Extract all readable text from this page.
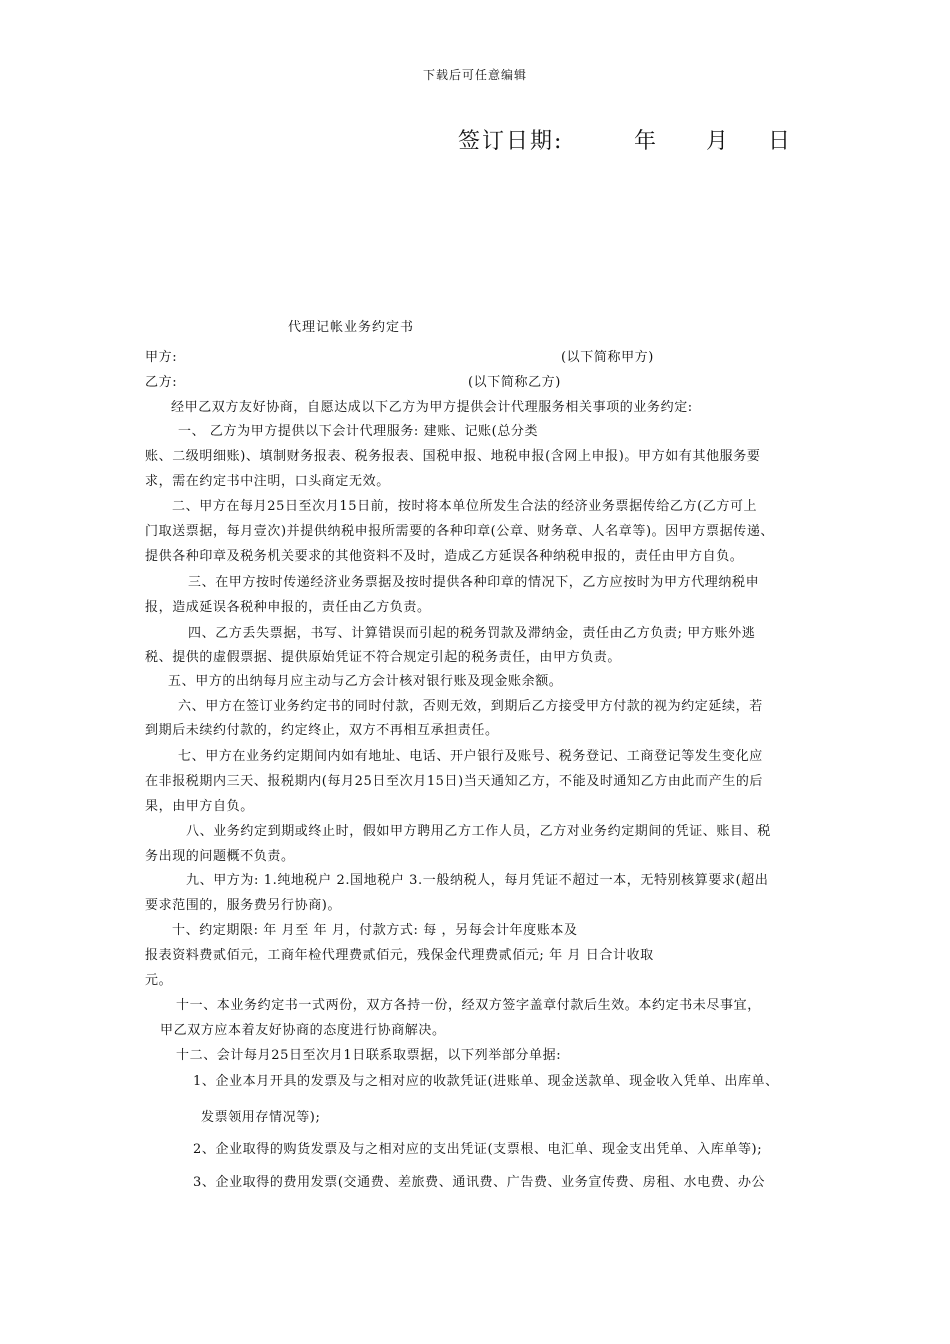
下载后可任意编辑
签订日期:	年 月 日
代理记帐业务约定书
甲方:	(以下简称甲方)
乙方:	(以下简称乙方)
经甲乙双方友好协商，自愿达成以下乙方为甲方提供会计代理服务相关事项的业务约定:
一、 乙方为甲方提供以下会计代理服务: 建账、记账(总分类
账、二级明细账)、填制财务报表、税务报表、国税申报、地税申报(含网上申报)。甲方如有其他服务要
求，需在约定书中注明，口头商定无效。
二、甲方在每月25日至次月15日前，按时将本单位所发生合法的经济业务票据传给乙方(乙方可上
门取送票据，每月壹次)并提供纳税申报所需要的各种印章(公章、财务章、人名章等)。因甲方票据传递、
提供各种印章及税务机关要求的其他资料不及时，造成乙方延误各种纳税申报的，责任由甲方自负。
三、在甲方按时传递经济业务票据及按时提供各种印章的情况下，乙方应按时为甲方代理纳税申
报，造成延误各税种申报的，责任由乙方负责。
四、乙方丢失票据，书写、计算错误而引起的税务罚款及滞纳金，责任由乙方负责; 甲方账外逃
税、提供的虚假票据、提供原始凭证不符合规定引起的税务责任，由甲方负责。
五、甲方的出纳每月应主动与乙方会计核对银行账及现金账余额。
六、甲方在签订业务约定书的同时付款，否则无效，到期后乙方接受甲方付款的视为约定延续，若
到期后未续约付款的，约定终止，双方不再相互承担责任。
七、甲方在业务约定期间内如有地址、电话、开户银行及账号、税务登记、工商登记等发生变化应
在非报税期内三天、报税期内(每月25日至次月15日)当天通知乙方，不能及时通知乙方由此而产生的后
果，由甲方自负。
八、业务约定到期或终止时，假如甲方聘用乙方工作人员，乙方对业务约定期间的凭证、账目、税
务出现的问题概不负责。
九、甲方为: 1.纯地税户 2.国地税户 3.一般纳税人，每月凭证不超过一本，无特别核算要求(超出
要求范围的，服务费另行协商)。
十、约定期限: 年 月至 年 月，付款方式: 每 ，另每会计年度账本及
报表资料费贰佰元，工商年检代理费贰佰元，残保金代理费贰佰元; 年 月 日合计收取
元。
十一、本业务约定书一式两份，双方各持一份，经双方签字盖章付款后生效。本约定书未尽事宜，
甲乙双方应本着友好协商的态度进行协商解决。
十二、会计每月25日至次月1日联系取票据，以下列举部分单据:
1、企业本月开具的发票及与之相对应的收款凭证(进账单、现金送款单、现金收入凭单、出库单、
发票领用存情况等);
2、企业取得的购货发票及与之相对应的支出凭证(支票根、电汇单、现金支出凭单、入库单等);
3、企业取得的费用发票(交通费、差旅费、通讯费、广告费、业务宣传费、房租、水电费、办公
